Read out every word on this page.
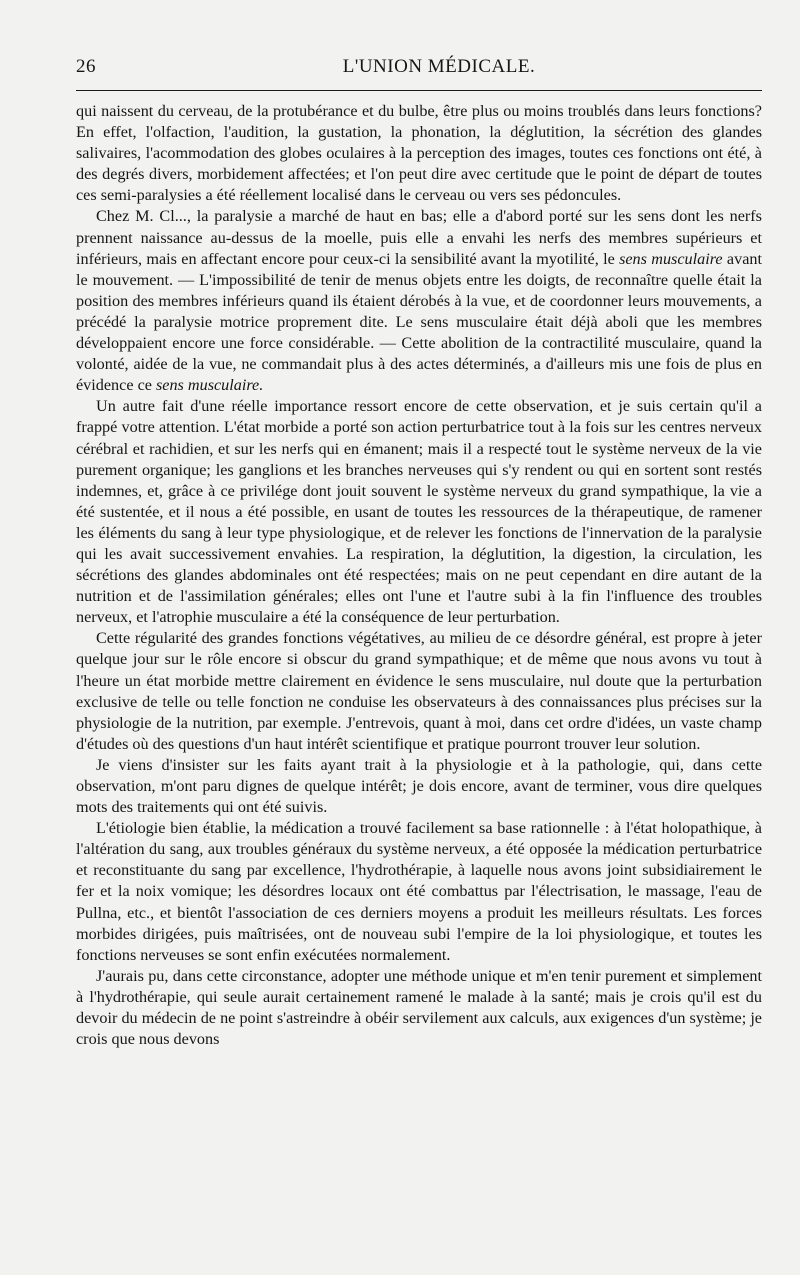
26	L'UNION MÉDICALE.

qui naissent du cerveau, de la protubérance et du bulbe, être plus ou moins troublés dans leurs fonctions? En effet, l'olfaction, l'audition, la gustation, la phonation, la déglutition, la sécrétion des glandes salivaires, l'acommodation des globes oculaires à la perception des images, toutes ces fonctions ont été, à des degrés divers, morbidement affectées; et l'on peut dire avec certitude que le point de départ de toutes ces semi-paralysies a été réellement localisé dans le cerveau ou vers ses pédoncules.

Chez M. Cl..., la paralysie a marché de haut en bas; elle a d'abord porté sur les sens dont les nerfs prennent naissance au-dessus de la moelle, puis elle a envahi les nerfs des membres supérieurs et inférieurs, mais en affectant encore pour ceux-ci la sensibilité avant la myotilité, le sens musculaire avant le mouvement. — L'impossibilité de tenir de menus objets entre les doigts, de reconnaître quelle était la position des membres inférieurs quand ils étaient dérobés à la vue, et de coordonner leurs mouvements, a précédé la paralysie motrice proprement dite. Le sens musculaire était déjà aboli que les membres développaient encore une force considérable. — Cette abolition de la contractilité musculaire, quand la volonté, aidée de la vue, ne commandait plus à des actes déterminés, a d'ailleurs mis une fois de plus en évidence ce sens musculaire.

Un autre fait d'une réelle importance ressort encore de cette observation, et je suis certain qu'il a frappé votre attention. L'état morbide a porté son action perturbatrice tout à la fois sur les centres nerveux cérébral et rachidien, et sur les nerfs qui en émanent; mais il a respecté tout le système nerveux de la vie purement organique; les ganglions et les branches nerveuses qui s'y rendent ou qui en sortent sont restés indemnes, et, grâce à ce privilége dont jouit souvent le système nerveux du grand sympathique, la vie a été sustentée, et il nous a été possible, en usant de toutes les ressources de la thérapeutique, de ramener les éléments du sang à leur type physiologique, et de relever les fonctions de l'innervation de la paralysie qui les avait successivement envahies. La respiration, la déglutition, la digestion, la circulation, les sécrétions des glandes abdominales ont été respectées; mais on ne peut cependant en dire autant de la nutrition et de l'assimilation générales; elles ont l'une et l'autre subi à la fin l'influence des troubles nerveux, et l'atrophie musculaire a été la conséquence de leur perturbation.

Cette régularité des grandes fonctions végétatives, au milieu de ce désordre général, est propre à jeter quelque jour sur le rôle encore si obscur du grand sympathique; et de même que nous avons vu tout à l'heure un état morbide mettre clairement en évidence le sens musculaire, nul doute que la perturbation exclusive de telle ou telle fonction ne conduise les observateurs à des connaissances plus précises sur la physiologie de la nutrition, par exemple. J'entrevois, quant à moi, dans cet ordre d'idées, un vaste champ d'études où des questions d'un haut intérêt scientifique et pratique pourront trouver leur solution.

Je viens d'insister sur les faits ayant trait à la physiologie et à la pathologie, qui, dans cette observation, m'ont paru dignes de quelque intérêt; je dois encore, avant de terminer, vous dire quelques mots des traitements qui ont été suivis.

L'étiologie bien établie, la médication a trouvé facilement sa base rationnelle : à l'état holopathique, à l'altération du sang, aux troubles généraux du système nerveux, a été opposée la médication perturbatrice et reconstituante du sang par excellence, l'hydrothérapie, à laquelle nous avons joint subsidiairement le fer et la noix vomique; les désordres locaux ont été combattus par l'électrisation, le massage, l'eau de Pullna, etc., et bientôt l'association de ces derniers moyens a produit les meilleurs résultats. Les forces morbides dirigées, puis maîtrisées, ont de nouveau subi l'empire de la loi physiologique, et toutes les fonctions nerveuses se sont enfin exécutées normalement.

J'aurais pu, dans cette circonstance, adopter une méthode unique et m'en tenir purement et simplement à l'hydrothérapie, qui seule aurait certainement ramené le malade à la santé; mais je crois qu'il est du devoir du médecin de ne point s'astreindre à obéir servilement aux calculs, aux exigences d'un système; je crois que nous devons
